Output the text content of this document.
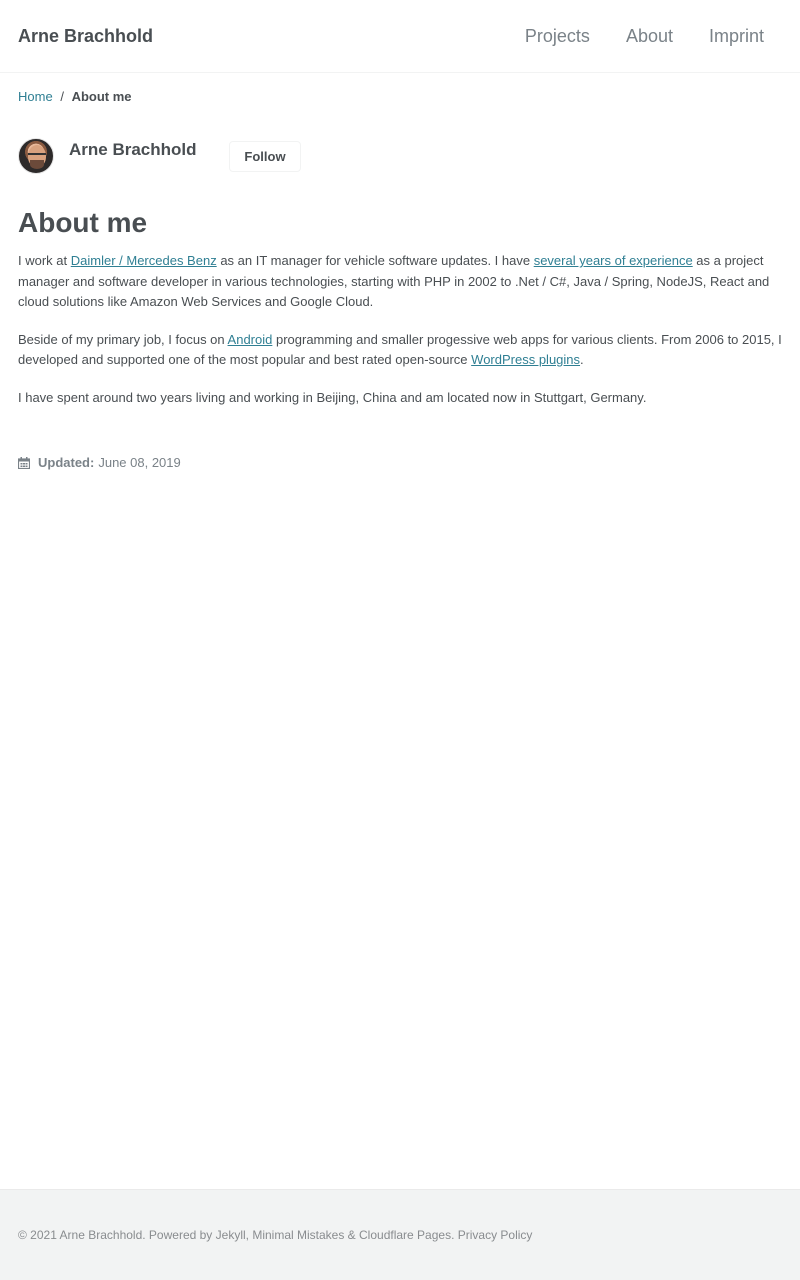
Arne Brachhold	Projects About Imprint
Home / About me
Arne Brachhold	Follow
About me

I work at Daimler / Mercedes Benz as an IT manager for vehicle software updates. I have several years of experience as a project manager and software developer in various technologies, starting with PHP in 2002 to .Net / C#, Java / Spring, NodeJS, React and cloud solutions like Amazon Web Services and Google Cloud.

Beside of my primary job, I focus on Android programming and smaller progessive web apps for various clients. From 2006 to 2015, I developed and supported one of the most popular and best rated open-source WordPress plugins.

I have spent around two years living and working in Beijing, China and am located now in Stuttgart, Germany.

Updated: June 08, 2019
© 2021 Arne Brachhold. Powered by Jekyll, Minimal Mistakes & Cloudflare Pages. Privacy Policy
